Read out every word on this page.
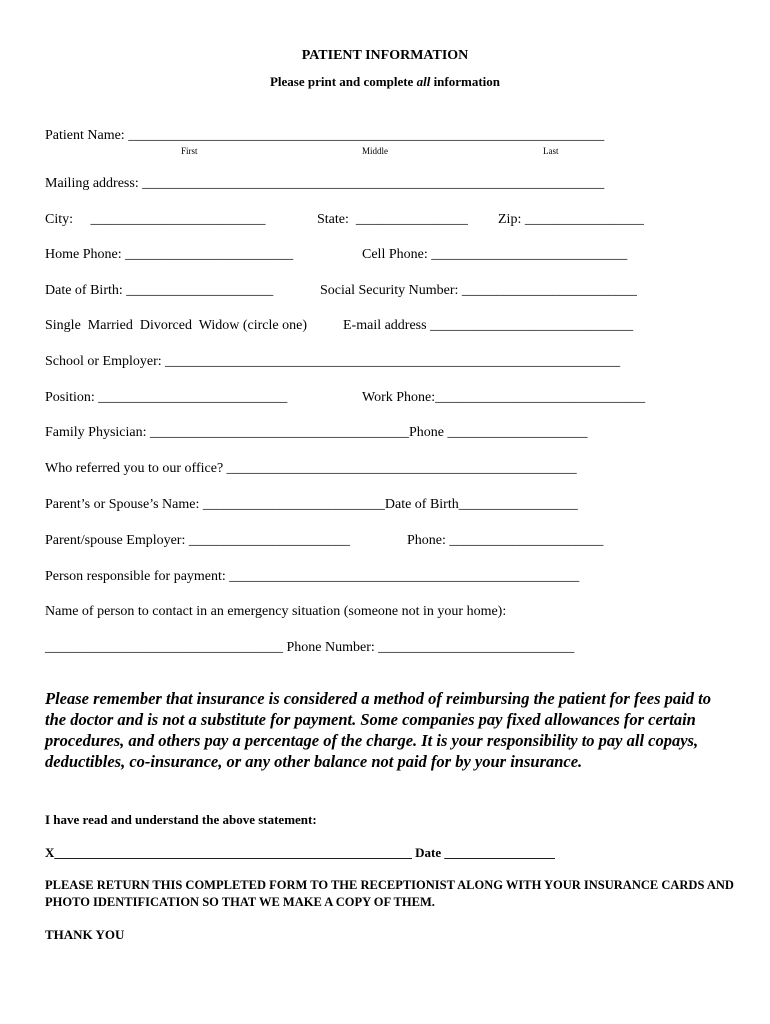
PATIENT INFORMATION
Please print and complete all information
Patient Name: ____________________________________________________________________
First	Middle	Last
Mailing address: __________________________________________________________________
City:     _________________________	State:  ________________ Zip: _________________
Home Phone: ________________________	Cell Phone: ____________________________
Date of Birth: _____________________	Social Security Number: _________________________
Single  Married  Divorced  Widow (circle one)	E-mail address _____________________________
School or Employer: _________________________________________________________________
Position: ___________________________	Work Phone:______________________________
Family Physician: _____________________________________Phone ____________________
Who referred you to our office? __________________________________________________
Parent’s or Spouse’s Name: __________________________Date of Birth_________________
Parent/spouse Employer: _______________________	Phone: ______________________
Person responsible for payment: __________________________________________________
Name of person to contact in an emergency situation (someone not in your home):
__________________________________ Phone Number: ____________________________
Please remember that insurance is considered a method of reimbursing the patient for fees paid to the doctor and is not a substitute for payment. Some companies pay fixed allowances for certain procedures, and others pay a percentage of the charge. It is your responsibility to pay all copays, deductibles, co-insurance, or any other balance not paid for by your insurance.
I have read and understand the above statement:
X_______________________________________________________ Date _________________
PLEASE RETURN THIS COMPLETED FORM TO THE RECEPTIONIST ALONG WITH YOUR INSURANCE CARDS AND PHOTO IDENTIFICATION SO THAT WE MAKE A COPY OF THEM.
THANK YOU
